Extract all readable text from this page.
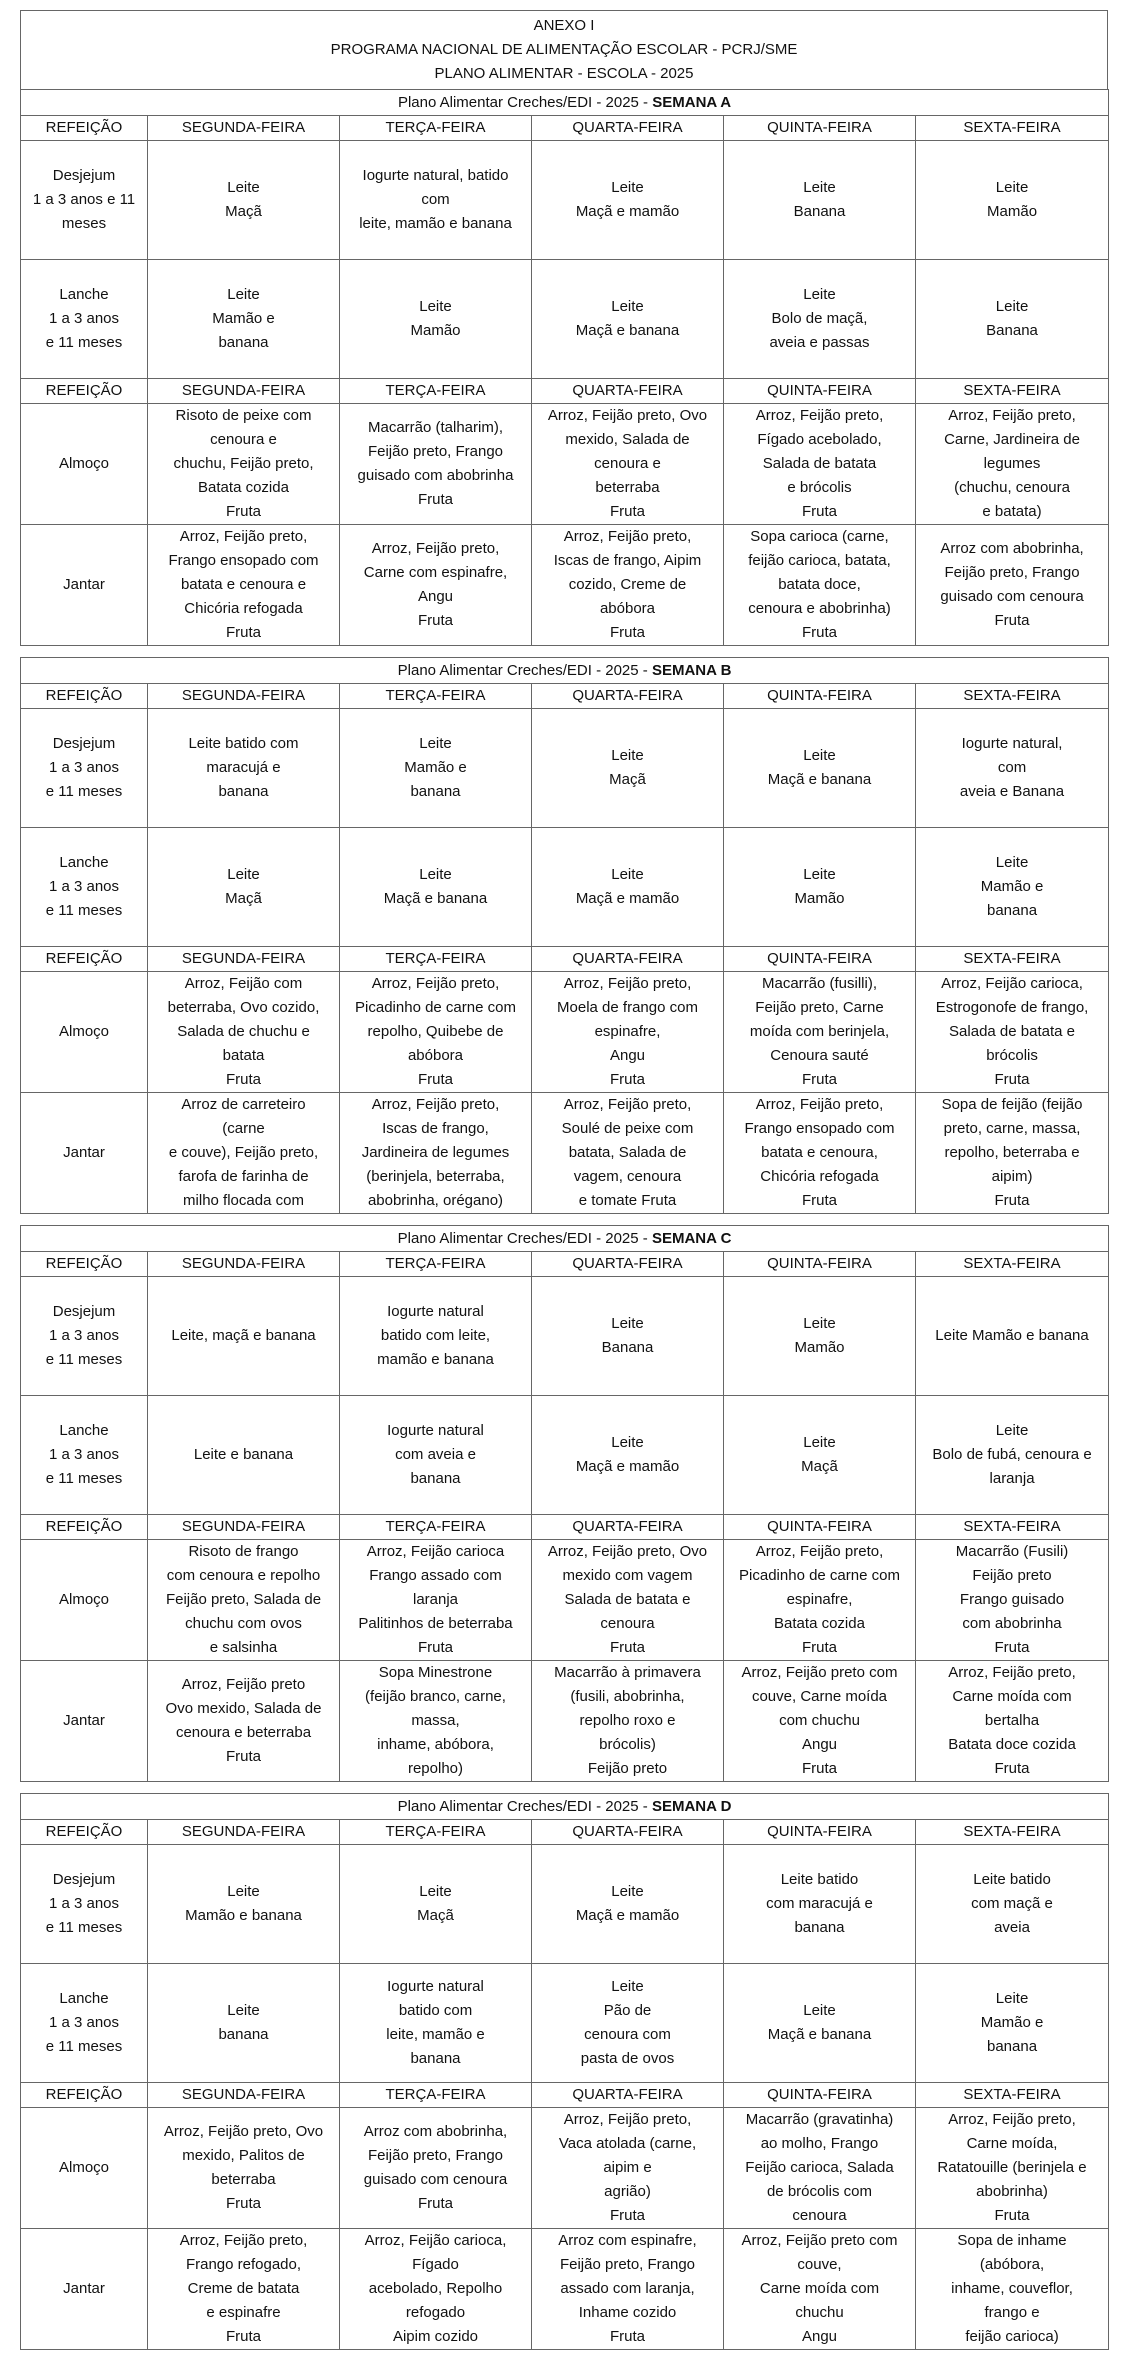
ANEXO I
PROGRAMA NACIONAL DE ALIMENTAÇÃO ESCOLAR - PCRJ/SME
PLANO ALIMENTAR - ESCOLA - 2025
Plano Alimentar Creches/EDI - 2025 - SEMANA A					
REFEIÇÃO	SEGUNDA-FEIRA	TERÇA-FEIRA	QUARTA-FEIRA	QUINTA-FEIRA	SEXTA-FEIRA
Desjejum
1 a 3 anos e 11
meses	Leite
Maçã	Iogurte natural, batido
com
leite, mamão e banana	Leite
Maçã e mamão	Leite
Banana	Leite
Mamão
Lanche
1 a 3 anos
e 11 meses	Leite
Mamão e
banana	Leite
Mamão	Leite
Maçã e banana	Leite
Bolo de maçã,
aveia e passas	Leite
Banana
REFEIÇÃO	SEGUNDA-FEIRA	TERÇA-FEIRA	QUARTA-FEIRA	QUINTA-FEIRA	SEXTA-FEIRA
Almoço	Risoto de peixe com
cenoura e
chuchu, Feijão preto,
Batata cozida
Fruta	Macarrão (talharim),
Feijão preto, Frango
guisado com abobrinha
Fruta	Arroz, Feijão preto, Ovo
mexido, Salada de
cenoura e
beterraba
Fruta	Arroz, Feijão preto,
Fígado acebolado,
Salada de batata
e brócolis
Fruta	Arroz, Feijão preto,
Carne, Jardineira de
legumes
(chuchu, cenoura
e batata)
Jantar	Arroz, Feijão preto,
Frango ensopado com
batata e cenoura e
Chicória refogada
Fruta	Arroz, Feijão preto,
Carne com espinafre,
Angu
Fruta	Arroz, Feijão preto,
Iscas de frango, Aipim
cozido, Creme de
abóbora
Fruta	Sopa carioca (carne,
feijão carioca, batata,
batata doce,
cenoura e abobrinha)
Fruta	Arroz com abobrinha,
Feijão preto, Frango
guisado com cenoura
Fruta
Plano Alimentar Creches/EDI - 2025 - SEMANA B					
REFEIÇÃO	SEGUNDA-FEIRA	TERÇA-FEIRA	QUARTA-FEIRA	QUINTA-FEIRA	SEXTA-FEIRA
Desjejum
1 a 3 anos
e 11 meses	Leite batido com
maracujá e
banana	Leite
Mamão e
banana	Leite
Maçã	Leite
Maçã e banana	Iogurte natural,
com
aveia e Banana
Lanche
1 a 3 anos
e 11 meses	Leite
Maçã	Leite
Maçã e banana	Leite
Maçã e mamão	Leite
Mamão	Leite
Mamão e
banana
REFEIÇÃO	SEGUNDA-FEIRA	TERÇA-FEIRA	QUARTA-FEIRA	QUINTA-FEIRA	SEXTA-FEIRA
Almoço	Arroz, Feijão com
beterraba, Ovo cozido,
Salada de chuchu e
batata
Fruta	Arroz, Feijão preto,
Picadinho de carne com
repolho, Quibebe de
abóbora
Fruta	Arroz, Feijão preto,
Moela de frango com
espinafre,
Angu
Fruta	Macarrão (fusilli),
Feijão preto, Carne
moída com berinjela,
Cenoura sauté
Fruta	Arroz, Feijão carioca,
Estrogonofe de frango,
Salada de batata e
brócolis
Fruta
Jantar	Arroz de carreteiro
(carne
e couve), Feijão preto,
farofa de farinha de
milho flocada com	Arroz, Feijão preto,
Iscas de frango,
Jardineira de legumes
(berinjela, beterraba,
abobrinha, orégano)	Arroz, Feijão preto,
Soulé de peixe com
batata, Salada de
vagem, cenoura
e tomate Fruta	Arroz, Feijão preto,
Frango ensopado com
batata e cenoura,
Chicória refogada
Fruta	Sopa de feijão (feijão
preto, carne, massa,
repolho, beterraba e
aipim)
Fruta
Plano Alimentar Creches/EDI - 2025 - SEMANA C					
REFEIÇÃO	SEGUNDA-FEIRA	TERÇA-FEIRA	QUARTA-FEIRA	QUINTA-FEIRA	SEXTA-FEIRA
Desjejum
1 a 3 anos
e 11 meses	Leite, maçã e banana	Iogurte natural
batido com leite,
mamão e banana	Leite
Banana	Leite
Mamão	Leite Mamão e banana
Lanche
1 a 3 anos
e 11 meses	Leite e banana	Iogurte natural
com aveia e
banana	Leite
Maçã e mamão	Leite
Maçã	Leite
Bolo de fubá, cenoura e
laranja
REFEIÇÃO	SEGUNDA-FEIRA	TERÇA-FEIRA	QUARTA-FEIRA	QUINTA-FEIRA	SEXTA-FEIRA
Almoço	Risoto de frango
com cenoura e repolho
Feijão preto, Salada de
chuchu com ovos
e salsinha	Arroz, Feijão carioca
Frango assado com
laranja
Palitinhos de beterraba
Fruta	Arroz, Feijão preto, Ovo
mexido com vagem
Salada de batata e
cenoura
Fruta	Arroz, Feijão preto,
Picadinho de carne com
espinafre,
Batata cozida
Fruta	Macarrão (Fusili)
Feijão preto
Frango guisado
com abobrinha
Fruta
Jantar	Arroz, Feijão preto
Ovo mexido, Salada de
cenoura e beterraba
Fruta	Sopa Minestrone
(feijão branco, carne,
massa,
inhame, abóbora,
repolho)	Macarrão à primavera
(fusili, abobrinha,
repolho roxo e
brócolis)
Feijão preto	Arroz, Feijão preto com
couve, Carne moída
com chuchu
Angu
Fruta	Arroz, Feijão preto,
Carne moída com
bertalha
Batata doce cozida
Fruta
Plano Alimentar Creches/EDI - 2025 - SEMANA D					
REFEIÇÃO	SEGUNDA-FEIRA	TERÇA-FEIRA	QUARTA-FEIRA	QUINTA-FEIRA	SEXTA-FEIRA
Desjejum
1 a 3 anos
e 11 meses	Leite
Mamão e banana	Leite
Maçã	Leite
Maçã e mamão	Leite batido
com maracujá e
banana	Leite batido
com maçã e
aveia
Lanche
1 a 3 anos
e 11 meses	Leite
banana	Iogurte natural
batido com
leite, mamão e
banana	Leite
Pão de
cenoura com
pasta de ovos	Leite
Maçã e banana	Leite
Mamão e
banana
REFEIÇÃO	SEGUNDA-FEIRA	TERÇA-FEIRA	QUARTA-FEIRA	QUINTA-FEIRA	SEXTA-FEIRA
Almoço	Arroz, Feijão preto, Ovo
mexido, Palitos de
beterraba
Fruta	Arroz com abobrinha,
Feijão preto, Frango
guisado com cenoura
Fruta	Arroz, Feijão preto,
Vaca atolada (carne,
aipim e
agrião)
Fruta	Macarrão (gravatinha)
ao molho, Frango
Feijão carioca, Salada
de brócolis com
cenoura	Arroz, Feijão preto,
Carne moída,
Ratatouille (berinjela e
abobrinha)
Fruta
Jantar	Arroz, Feijão preto,
Frango refogado,
Creme de batata
e espinafre
Fruta	Arroz, Feijão carioca,
Fígado
acebolado, Repolho
refogado
Aipim cozido	Arroz com espinafre,
Feijão preto, Frango
assado com laranja,
Inhame cozido
Fruta	Arroz, Feijão preto com
couve,
Carne moída com
chuchu
Angu	Sopa de inhame
(abóbora,
inhame, couveflor,
frango e
feijão carioca)
